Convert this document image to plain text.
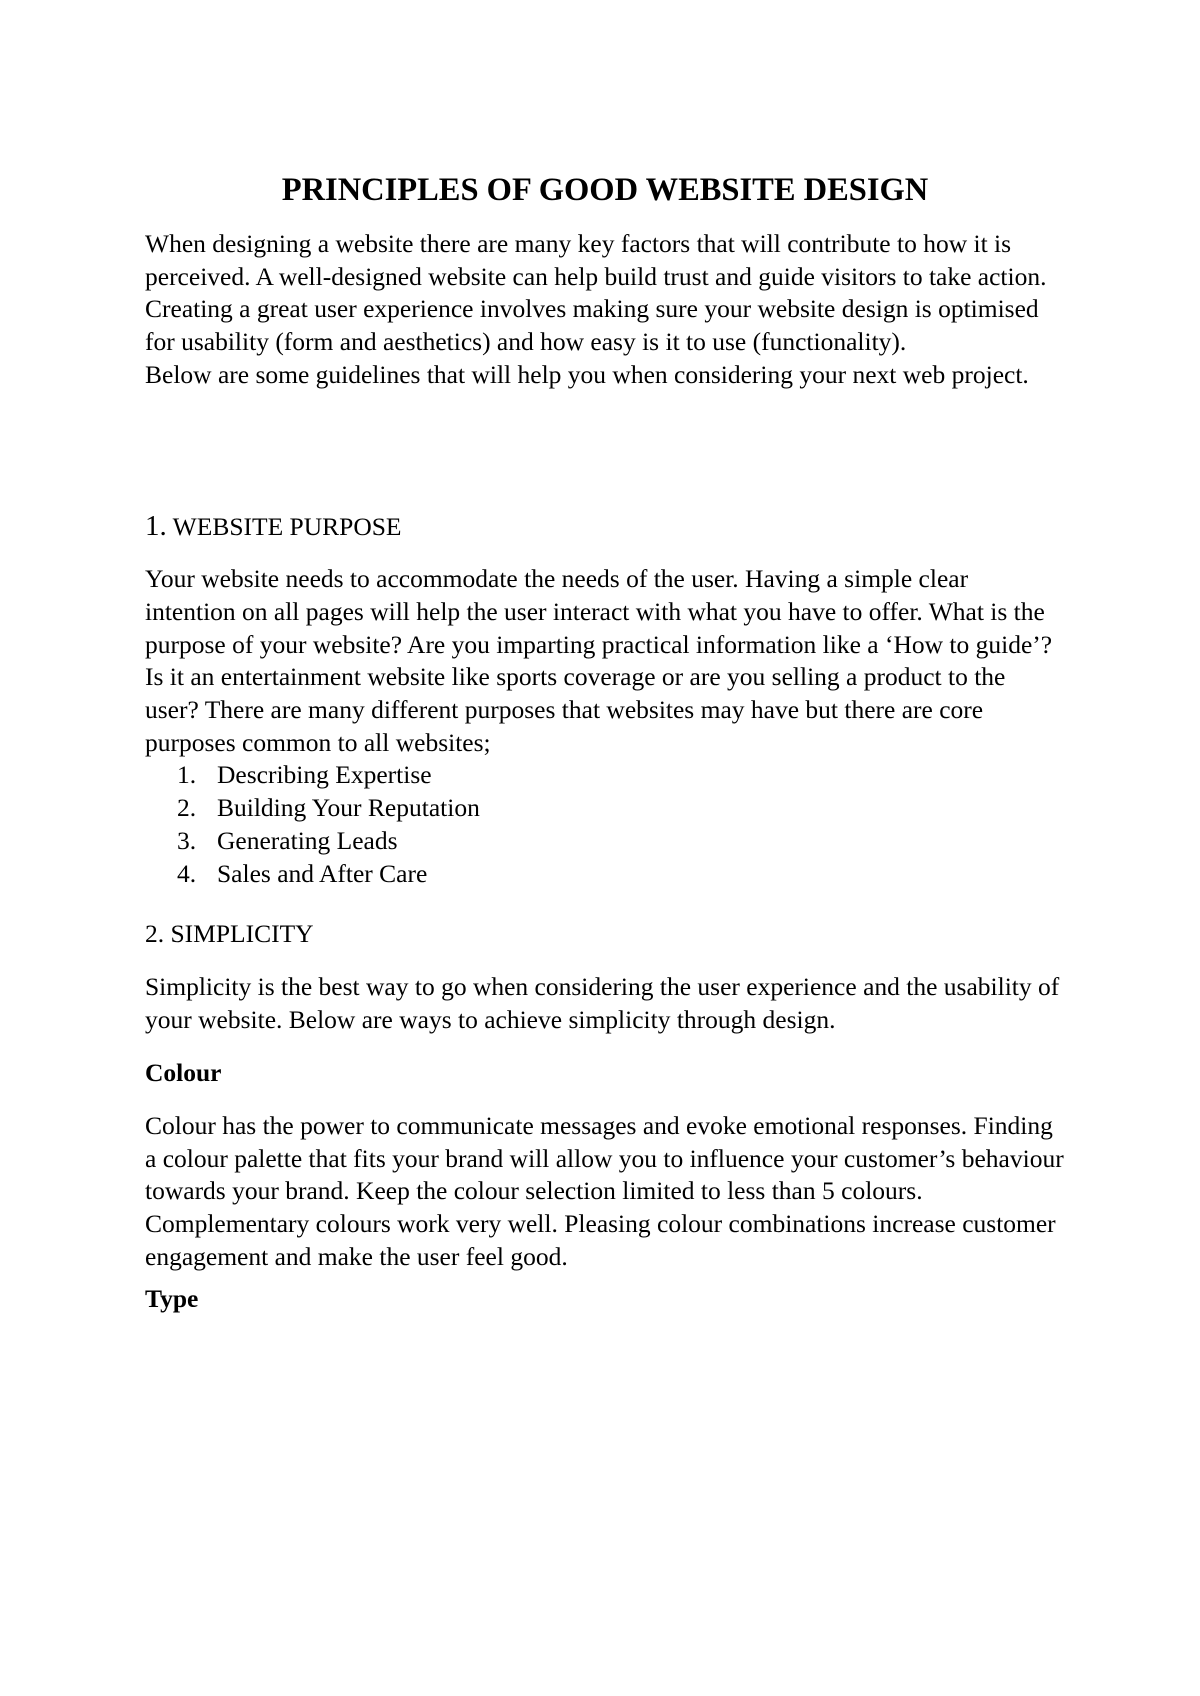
PRINCIPLES OF GOOD WEBSITE DESIGN

When designing a website there are many key factors that will contribute to how it is perceived. A well-designed website can help build trust and guide visitors to take action. Creating a great user experience involves making sure your website design is optimised for usability (form and aesthetics) and how easy is it to use (functionality).

Below are some guidelines that will help you when considering your next web project.

1. WEBSITE PURPOSE

Your website needs to accommodate the needs of the user. Having a simple clear intention on all pages will help the user interact with what you have to offer. What is the purpose of your website? Are you imparting practical information like a ‘How to guide’? Is it an entertainment website like sports coverage or are you selling a product to the user? There are many different purposes that websites may have but there are core purposes common to all websites;

1. Describing Expertise
2. Building Your Reputation
3. Generating Leads
4. Sales and After Care
2. SIMPLICITY

Simplicity is the best way to go when considering the user experience and the usability of your website. Below are ways to achieve simplicity through design.

Colour

Colour has the power to communicate messages and evoke emotional responses. Finding a colour palette that fits your brand will allow you to influence your customer’s behaviour towards your brand. Keep the colour selection limited to less than 5 colours. Complementary colours work very well. Pleasing colour combinations increase customer engagement and make the user feel good.

Type
